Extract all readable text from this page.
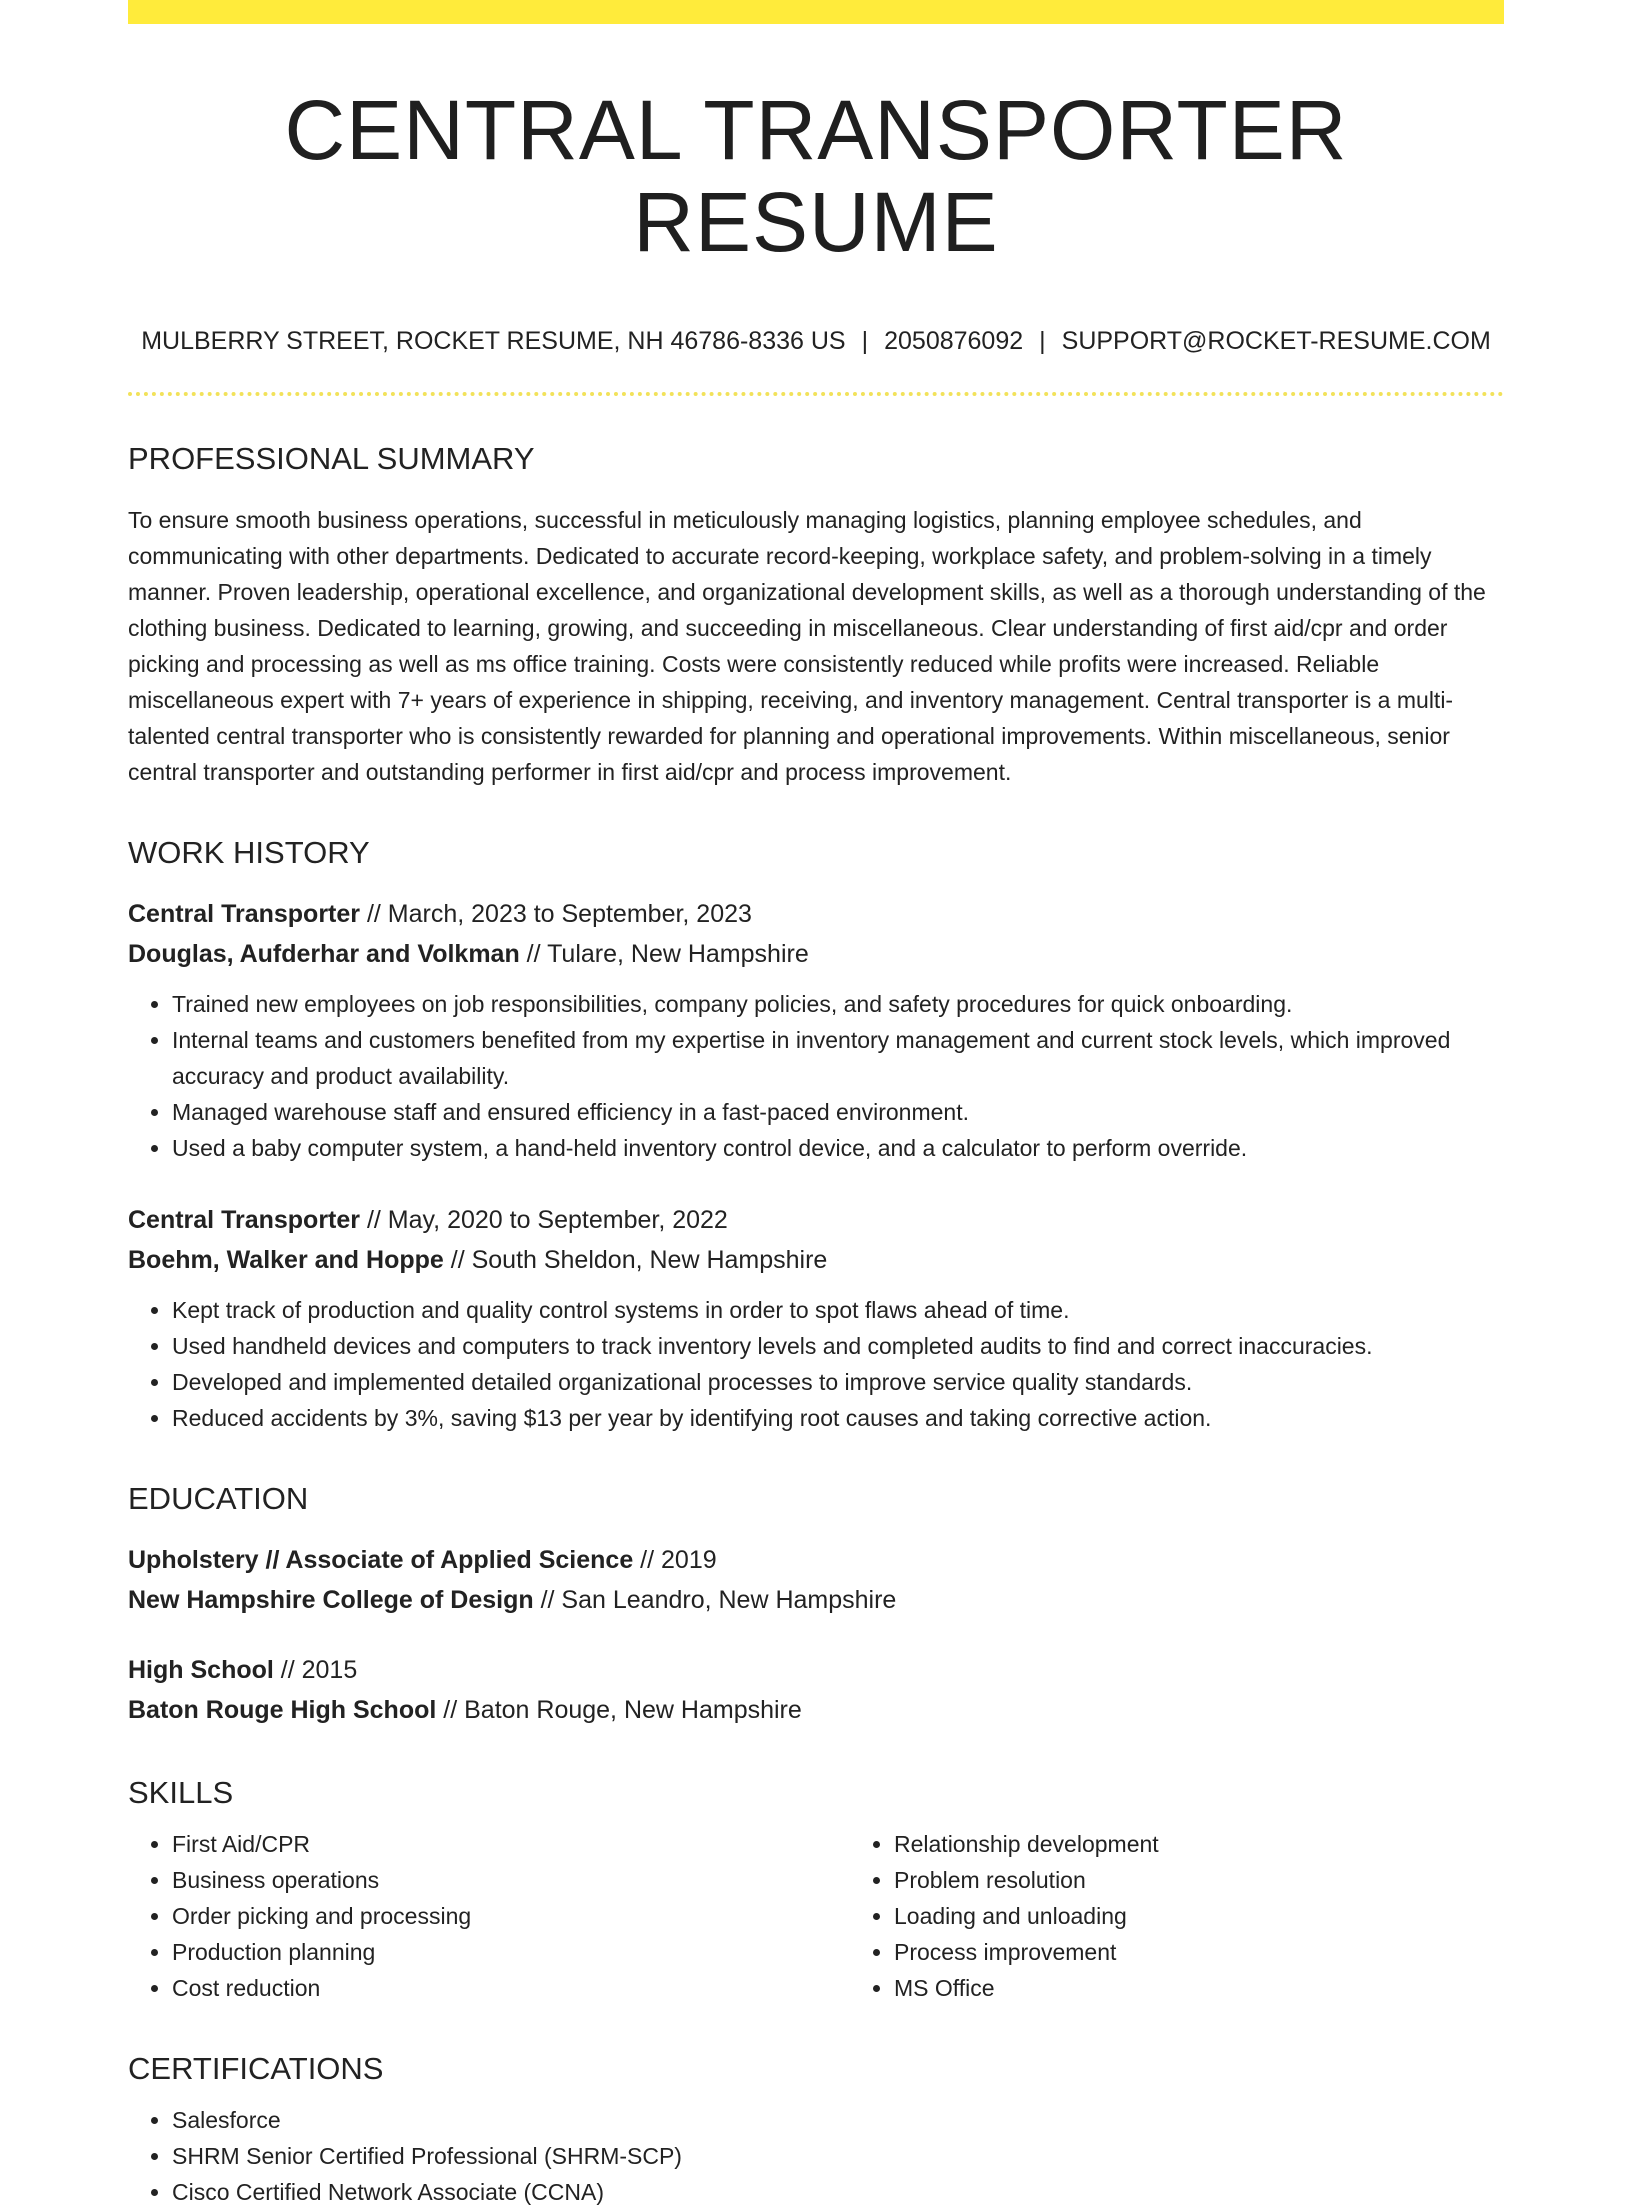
CENTRAL TRANSPORTER RESUME
MULBERRY STREET, ROCKET RESUME, NH 46786-8336 US | 2050876092 | SUPPORT@ROCKET-RESUME.COM
PROFESSIONAL SUMMARY

To ensure smooth business operations, successful in meticulously managing logistics, planning employee schedules, and communicating with other departments. Dedicated to accurate record-keeping, workplace safety, and problem-solving in a timely manner. Proven leadership, operational excellence, and organizational development skills, as well as a thorough understanding of the clothing business. Dedicated to learning, growing, and succeeding in miscellaneous. Clear understanding of first aid/cpr and order picking and processing as well as ms office training. Costs were consistently reduced while profits were increased. Reliable miscellaneous expert with 7+ years of experience in shipping, receiving, and inventory management. Central transporter is a multi-talented central transporter who is consistently rewarded for planning and operational improvements. Within miscellaneous, senior central transporter and outstanding performer in first aid/cpr and process improvement.

WORK HISTORY
Central Transporter // March, 2023 to September, 2023
Douglas, Aufderhar and Volkman // Tulare, New Hampshire
• Trained new employees on job responsibilities, company policies, and safety procedures for quick onboarding.
• Internal teams and customers benefited from my expertise in inventory management and current stock levels, which improved accuracy and product availability.
• Managed warehouse staff and ensured efficiency in a fast-paced environment.
• Used a baby computer system, a hand-held inventory control device, and a calculator to perform override.
Central Transporter // May, 2020 to September, 2022
Boehm, Walker and Hoppe // South Sheldon, New Hampshire
• Kept track of production and quality control systems in order to spot flaws ahead of time.
• Used handheld devices and computers to track inventory levels and completed audits to find and correct inaccuracies.
• Developed and implemented detailed organizational processes to improve service quality standards.
• Reduced accidents by 3%, saving $13 per year by identifying root causes and taking corrective action.
EDUCATION
Upholstery // Associate of Applied Science // 2019
New Hampshire College of Design // San Leandro, New Hampshire
High School // 2015
Baton Rouge High School // Baton Rouge, New Hampshire
SKILLS
• First Aid/CPR
• Business operations
• Order picking and processing
• Production planning
• Cost reduction
• Relationship development
• Problem resolution
• Loading and unloading
• Process improvement
• MS Office
CERTIFICATIONS
• Salesforce
• SHRM Senior Certified Professional (SHRM-SCP)
• Cisco Certified Network Associate (CCNA)
